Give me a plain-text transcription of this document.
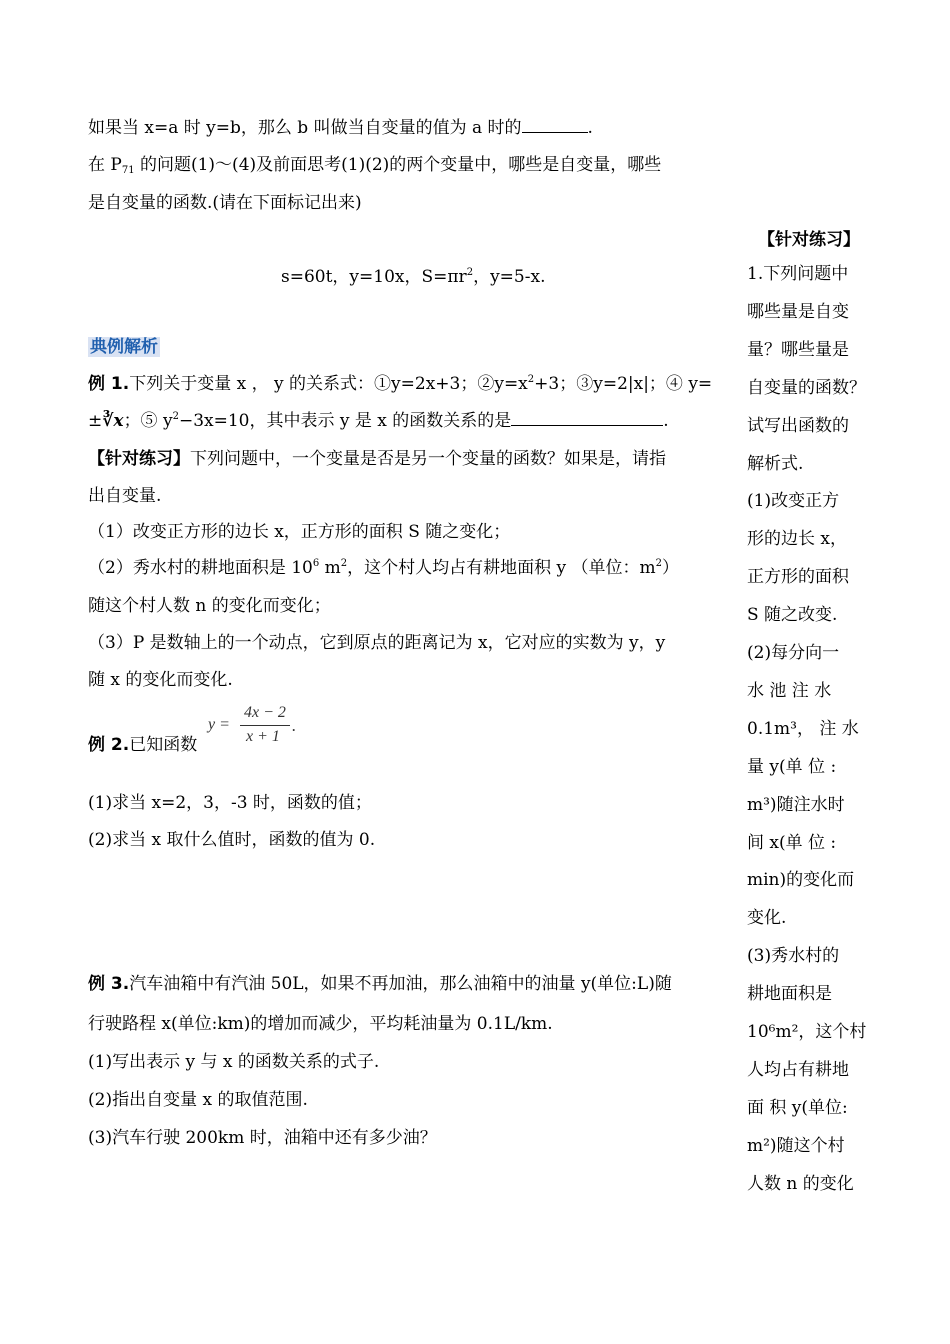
如果当 x=a 时 y=b，那么 b 叫做当自变量的值为 a 时的	.
在 $P_{71}$ 的问题(1)～(4)及前面思考(1)(2)的两个变量中，哪些是自变量，哪些
是自变量的函数.(请在下面标记出来)
s=60t，y=10x，$S=\pi r^2$，y=5-x.
典例解析
例 1.下列关于变量 x ， y 的关系式：①y=2x+3；$②y=x^2+3$；③y=2|x|；④ y=
±∛x；⑤ $y^2-3x=10$，其中表示 y 是 x 的函数关系的是	.
【针对练习】下列问题中，一个变量是否是另一个变量的函数？如果是，请指
出自变量.
（1）改变正方形的边长 x，正方形的面积 S 随之变化；
（2）秀水村的耕地面积是 $10^6$ $m^2$，这个村人均占有耕地面积 y （单位：$m^2$）
随这个村人数 n 的变化而变化；
（3）P 是数轴上的一个动点，它到原点的距离记为 x，它对应的实数为 y，y
随 x 的变化而变化.
例 2.已知函数
y =
4x − 2
x + 1
.
(1)求当 x=2，3，-3 时，函数的值；
(2)求当 x 取什么值时，函数的值为 0.
例 3.汽车油箱中有汽油 50L，如果不再加油，那么油箱中的油量 y(单位:L)随
行驶路程 x(单位:km)的增加而减少，平均耗油量为 0.1L/km.
(1)写出表示 y 与 x 的函数关系的式子.
(2)指出自变量 x 的取值范围.
(3)汽车行驶 200km 时，油箱中还有多少油？
【针对练习】
1.下列问题中
哪些量是自变
量？哪些量是
自变量的函数？
试写出函数的
解析式.
(1)改变正方
形的边长 x，
正方形的面积
S 随之改变.
(2)每分向一
水 池 注 水
0.1m³， 注 水
量 y(单 位 :
m³)随注水时
间 x(单 位 :
min)的变化而
变化.
(3)秀水村的
耕地面积是
10⁶m²，这个村
人均占有耕地
面 积 y(单位:
m²)随这个村
人数 n 的变化
